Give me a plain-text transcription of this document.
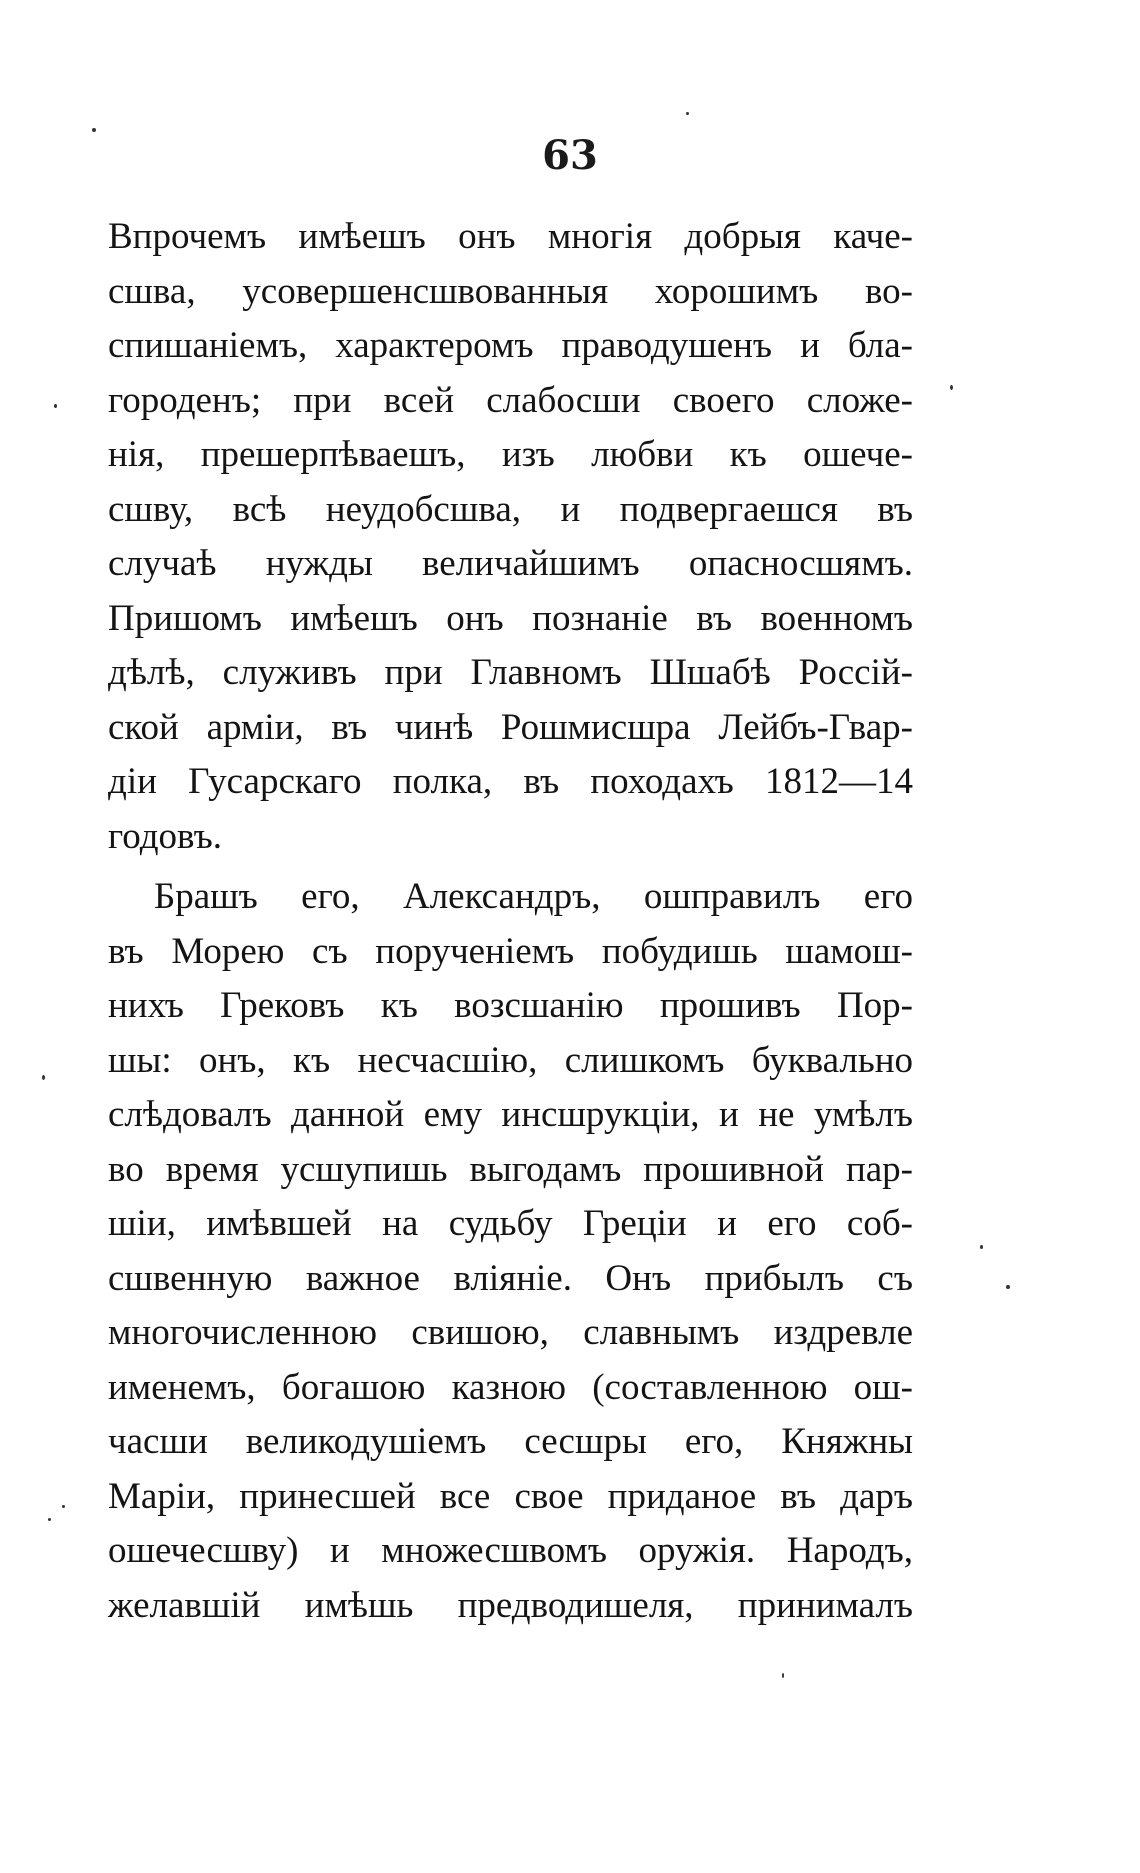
63
Впрочемъ имѣешъ онъ многія добрыя каче-
сшва, усовершенсшвованныя хорошимъ во-
спишаніемъ, характеромъ праводушенъ и бла-
городенъ; при всей слабосши своего сложе-
нія, прешерпѣваешъ, изъ любви къ ошече-
сшву, всѣ неудобсшва, и подвергаешся въ
случаѣ нужды величайшимъ опасносшямъ.
Пришомъ имѣешъ онъ познаніе въ военномъ
дѣлѣ, служивъ при Главномъ Шшабѣ Россій-
ской арміи, въ чинѣ Рошмисшра Лейбъ-Гвар-
діи Гусарскаго полка, въ походахъ 1812—14
годовъ.
Брашъ его, Александръ, ошправилъ его
въ Морею съ порученіемъ побудишь шамош-
нихъ Грековъ къ возсшанію прошивъ Пор-
шы: онъ, къ несчасшію, слишкомъ буквально
слѣдовалъ данной ему инсшрукціи, и не умѣлъ
во время усшупишь выгодамъ прошивной пар-
шіи, имѣвшей на судьбу Греціи и его соб-
сшвенную важное вліяніе. Онъ прибылъ съ
многочисленною свишою, славнымъ издревле
именемъ, богашою казною (составленною ош-
часши великодушіемъ сесшры его, Княжны
Маріи, принесшей все свое приданое въ даръ
ошечесшву) и множесшвомъ оружія. Народъ,
желавшій имѣшь предводишеля, принималъ
